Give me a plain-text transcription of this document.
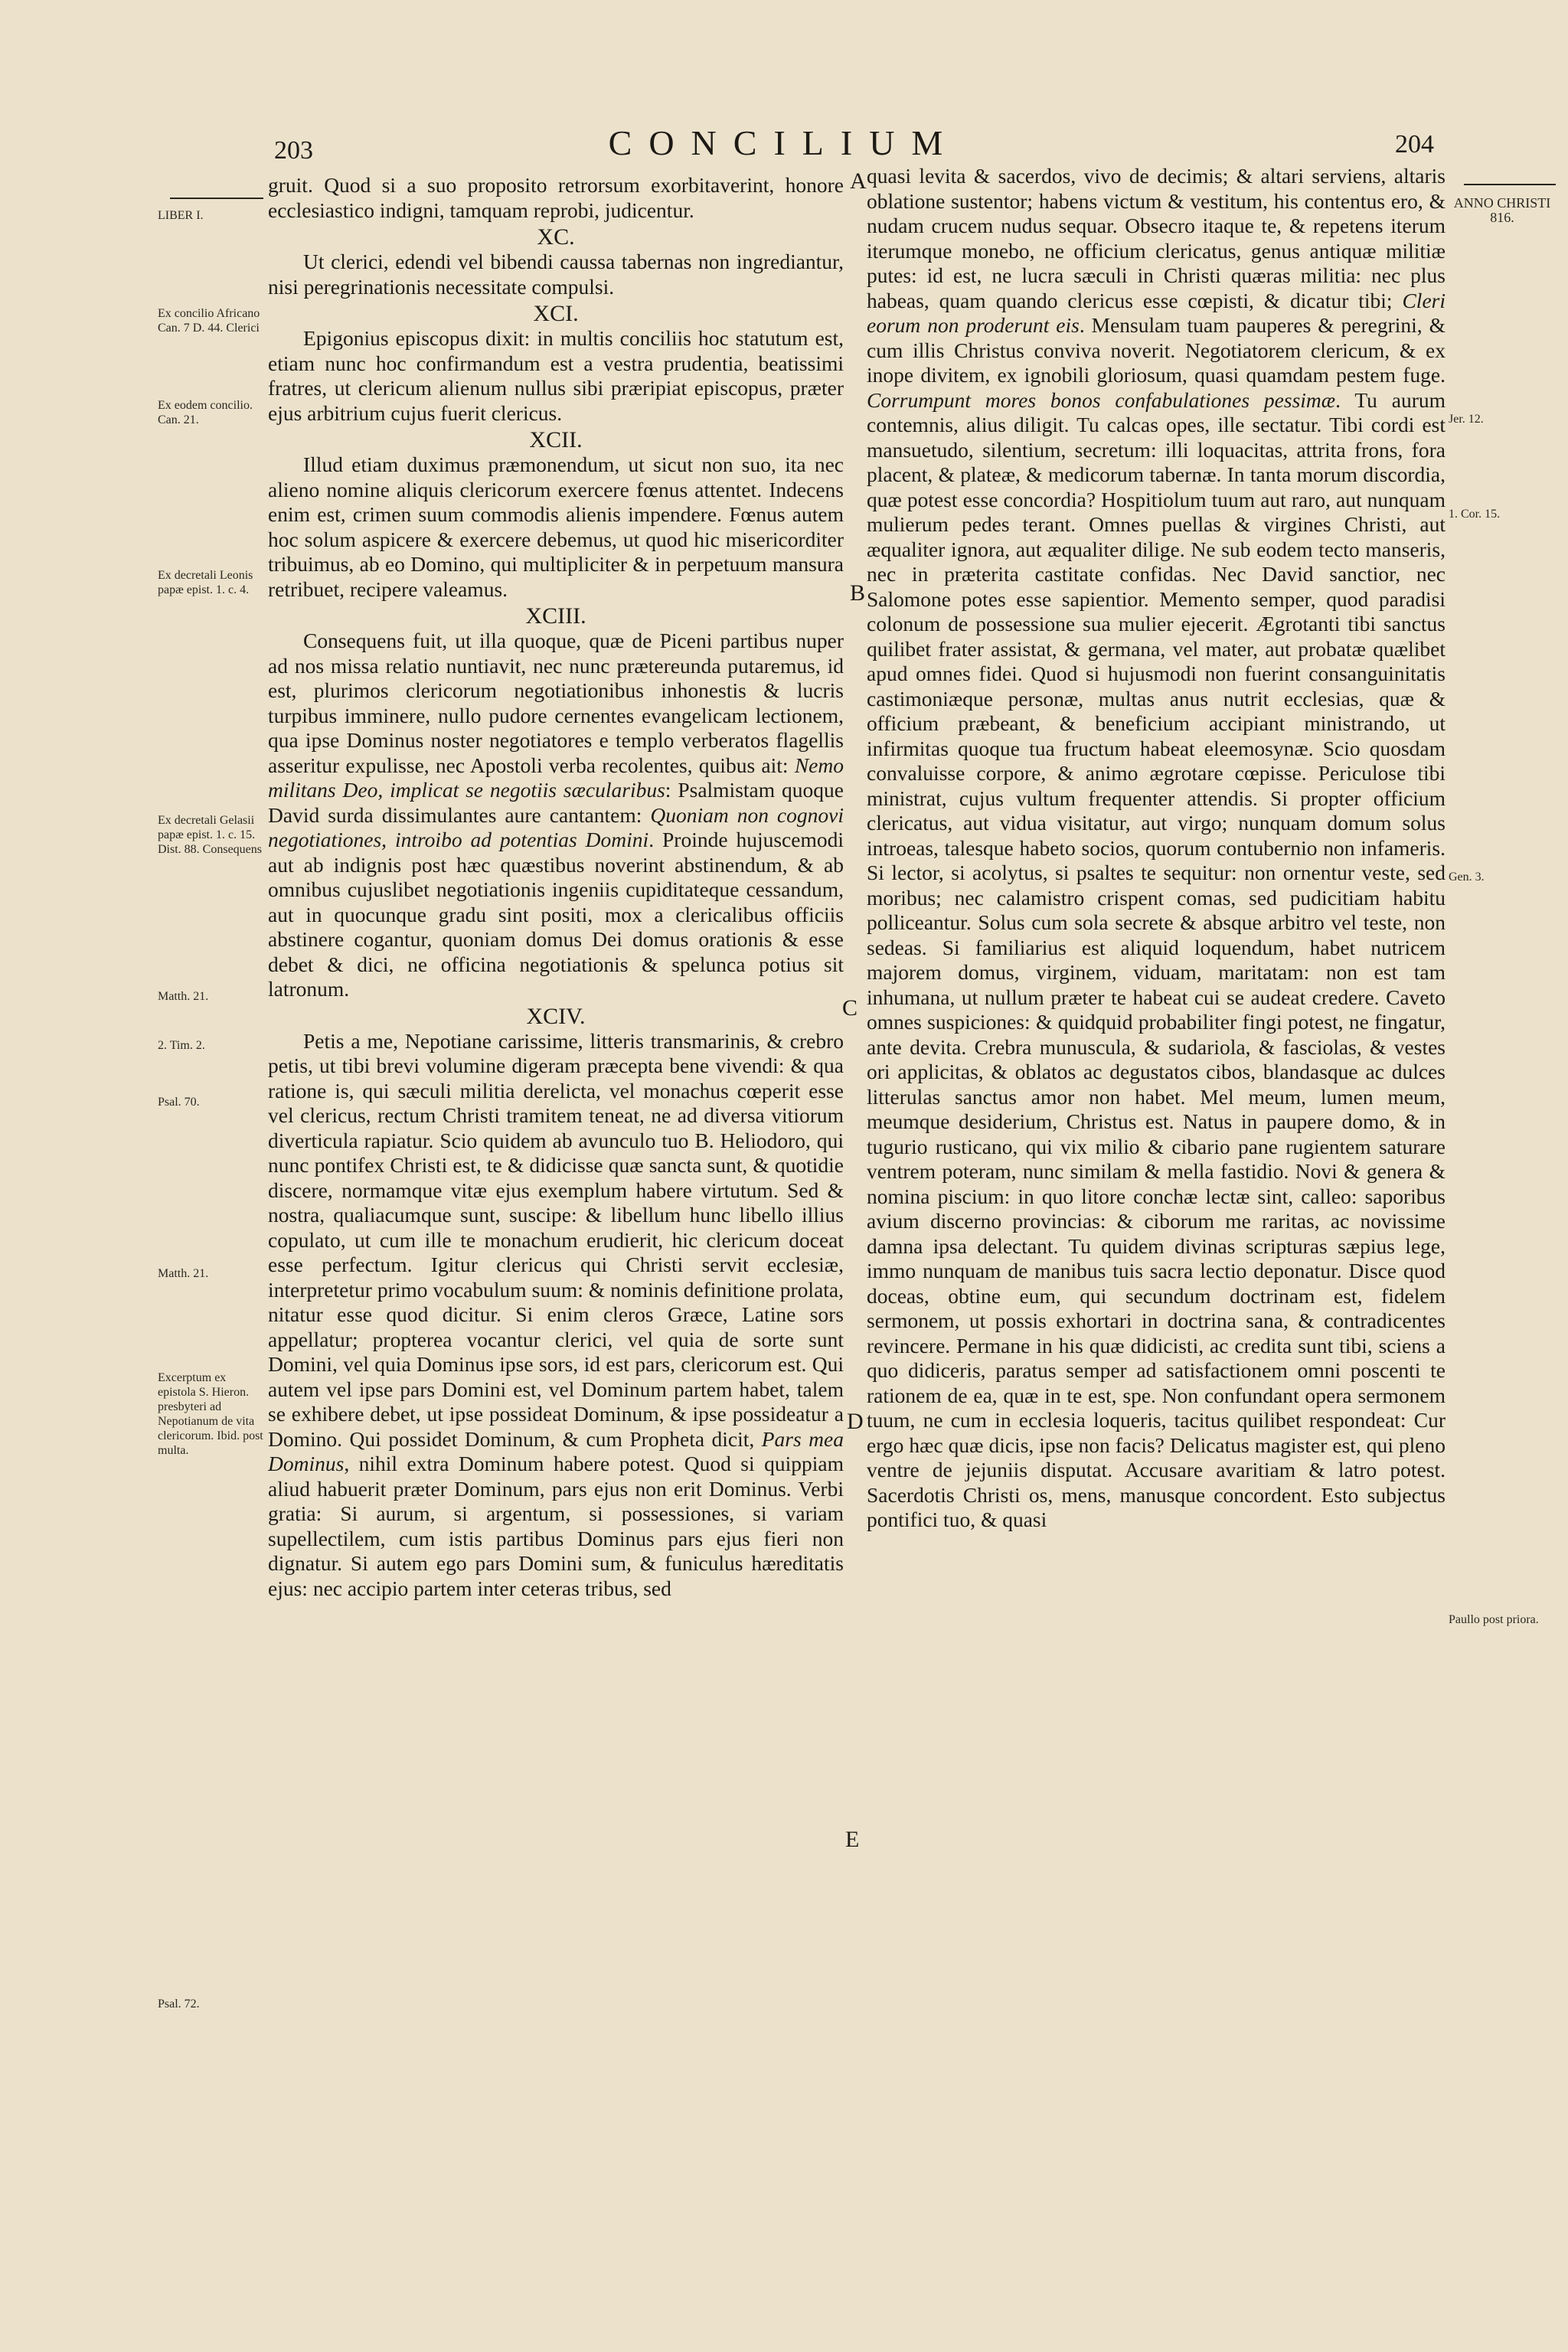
203	CONCILIUM	204
LIBER I.
Ex concilio Africano Can. 7 D. 44. Clerici
Ex eodem concilio. Can. 21.
Ex decretali Leonis papæ epist. 1. c. 4.
Ex decretali Gelasii papæ epist. 1. c. 15. Dist. 88. Consequens
Matth. 21.
2. Tim. 2.
Psal. 70.
Matth. 21.
Excerptum ex epistola S. Hieron. presbyteri ad Nepotianum de vita clericorum. Ibid. post multa.
Psal. 72.
ANNO CHRISTI 816.
Jer. 12.
1. Cor. 15.
Gen. 3.
Paullo post priora.
A
B
C
D
E

gruit. Quod si a suo proposito retrorsum exorbitaverint, honore ecclesiastico indigni, tamquam reprobi, judicentur.

XC.

Ut clerici, edendi vel bibendi caussa tabernas non ingrediantur, nisi peregrinationis necessitate compulsi.

XCI.

Epigonius episcopus dixit: in multis conciliis hoc statutum est, etiam nunc hoc confirmandum est a vestra prudentia, beatissimi fratres, ut clericum alienum nullus sibi præripiat episcopus, præter ejus arbitrium cujus fuerit clericus.

XCII.

Illud etiam duximus præmonendum, ut sicut non suo, ita nec alieno nomine aliquis clericorum exercere fœnus attentet. Indecens enim est, crimen suum commodis alienis impendere. Fœnus autem hoc solum aspicere & exercere debemus, ut quod hic misericorditer tribuimus, ab eo Domino, qui multipliciter & in perpetuum mansura retribuet, recipere valeamus.

XCIII.

Consequens fuit, ut illa quoque, quæ de Piceni partibus nuper ad nos missa relatio nuntiavit, nec nunc prætereunda putaremus, id est, plurimos clericorum negotiationibus inhonestis & lucris turpibus imminere, nullo pudore cernentes evangelicam lectionem, qua ipse Dominus noster negotiatores e templo verberatos flagellis asseritur expulisse, nec Apostoli verba recolentes, quibus ait: Nemo militans Deo, implicat se negotiis sæcularibus: Psalmistam quoque David surda dissimulantes aure cantantem: Quoniam non cognovi negotiationes, introibo ad potentias Domini. Proinde hujuscemodi aut ab indignis post hæc quæstibus noverint abstinendum, & ab omnibus cujuslibet negotiationis ingeniis cupiditateque cessandum, aut in quocunque gradu sint positi, mox a clericalibus officiis abstinere cogantur, quoniam domus Dei domus orationis & esse debet & dici, ne officina negotiationis & spelunca potius sit latronum.

XCIV.

Petis a me, Nepotiane carissime, litteris transmarinis, & crebro petis, ut tibi brevi volumine digeram præcepta bene vivendi: & qua ratione is, qui sæculi militia derelicta, vel monachus cœperit esse vel clericus, rectum Christi tramitem teneat, ne ad diversa vitiorum diverticula rapiatur. Scio quidem ab avunculo tuo B. Heliodoro, qui nunc pontifex Christi est, te & didicisse quæ sancta sunt, & quotidie discere, normamque vitæ ejus exemplum habere virtutum. Sed & nostra, qualiacumque sunt, suscipe: & libellum hunc libello illius copulato, ut cum ille te monachum erudierit, hic clericum doceat esse perfectum. Igitur clericus qui Christi servit ecclesiæ, interpretetur primo vocabulum suum: & nominis definitione prolata, nitatur esse quod dicitur. Si enim cleros Græce, Latine sors appellatur; propterea vocantur clerici, vel quia de sorte sunt Domini, vel quia Dominus ipse sors, id est pars, clericorum est. Qui autem vel ipse pars Domini est, vel Dominum partem habet, talem se exhibere debet, ut ipse possideat Dominum, & ipse possideatur a Domino. Qui possidet Dominum, & cum Propheta dicit, Pars mea Dominus, nihil extra Dominum habere potest. Quod si quippiam aliud habuerit præter Dominum, pars ejus non erit Dominus. Verbi gratia: Si aurum, si argentum, si possessiones, si variam supellectilem, cum istis partibus Dominus pars ejus fieri non dignatur. Si autem ego pars Domini sum, & funiculus hæreditatis ejus: nec accipio partem inter ceteras tribus, sed

quasi levita & sacerdos, vivo de decimis; & altari serviens, altaris oblatione sustentor; habens victum & vestitum, his contentus ero, & nudam crucem nudus sequar. Obsecro itaque te, & repetens iterum iterumque monebo, ne officium clericatus, genus antiquæ militiæ putes: id est, ne lucra sæculi in Christi quæras militia: nec plus habeas, quam quando clericus esse cœpisti, & dicatur tibi; Cleri eorum non proderunt eis. Mensulam tuam pauperes & peregrini, & cum illis Christus conviva noverit. Negotiatorem clericum, & ex inope divitem, ex ignobili gloriosum, quasi quamdam pestem fuge. Corrumpunt mores bonos confabulationes pessimæ. Tu aurum contemnis, alius diligit. Tu calcas opes, ille sectatur. Tibi cordi est mansuetudo, silentium, secretum: illi loquacitas, attrita frons, fora placent, & plateæ, & medicorum tabernæ. In tanta morum discordia, quæ potest esse concordia? Hospitiolum tuum aut raro, aut nunquam mulierum pedes terant. Omnes puellas & virgines Christi, aut æqualiter ignora, aut æqualiter dilige. Ne sub eodem tecto manseris, nec in præterita castitate confidas. Nec David sanctior, nec Salomone potes esse sapientior. Memento semper, quod paradisi colonum de possessione sua mulier ejecerit. Ægrotanti tibi sanctus quilibet frater assistat, & germana, vel mater, aut probatæ quælibet apud omnes fidei. Quod si hujusmodi non fuerint consanguinitatis castimoniæque personæ, multas anus nutrit ecclesias, quæ & officium præbeant, & beneficium accipiant ministrando, ut infirmitas quoque tua fructum habeat eleemosynæ. Scio quosdam convaluisse corpore, & animo ægrotare cœpisse. Periculose tibi ministrat, cujus vultum frequenter attendis. Si propter officium clericatus, aut vidua visitatur, aut virgo; nunquam domum solus introeas, talesque habeto socios, quorum contubernio non infameris. Si lector, si acolytus, si psaltes te sequitur: non ornentur veste, sed moribus; nec calamistro crispent comas, sed pudicitiam habitu polliceantur. Solus cum sola secrete & absque arbitro vel teste, non sedeas. Si familiarius est aliquid loquendum, habet nutricem majorem domus, virginem, viduam, maritatam: non est tam inhumana, ut nullum præter te habeat cui se audeat credere. Caveto omnes suspiciones: & quidquid probabiliter fingi potest, ne fingatur, ante devita. Crebra munuscula, & sudariola, & fasciolas, & vestes ori applicitas, & oblatos ac degustatos cibos, blandasque ac dulces litterulas sanctus amor non habet. Mel meum, lumen meum, meumque desiderium, Christus est. Natus in paupere domo, & in tugurio rusticano, qui vix milio & cibario pane rugientem saturare ventrem poteram, nunc similam & mella fastidio. Novi & genera & nomina piscium: in quo litore conchæ lectæ sint, calleo: saporibus avium discerno provincias: & ciborum me raritas, ac novissime damna ipsa delectant. Tu quidem divinas scripturas sæpius lege, immo nunquam de manibus tuis sacra lectio deponatur. Disce quod doceas, obtine eum, qui secundum doctrinam est, fidelem sermonem, ut possis exhortari in doctrina sana, & contradicentes revincere. Permane in his quæ didicisti, ac credita sunt tibi, sciens a quo didiceris, paratus semper ad satisfactionem omni poscenti te rationem de ea, quæ in te est, spe. Non confundant opera sermonem tuum, ne cum in ecclesia loqueris, tacitus quilibet respondeat: Cur ergo hæc quæ dicis, ipse non facis? Delicatus magister est, qui pleno ventre de jejuniis disputat. Accusare avaritiam & latro potest. Sacerdotis Christi os, mens, manusque concordent. Esto subjectus pontifici tuo, & quasi
